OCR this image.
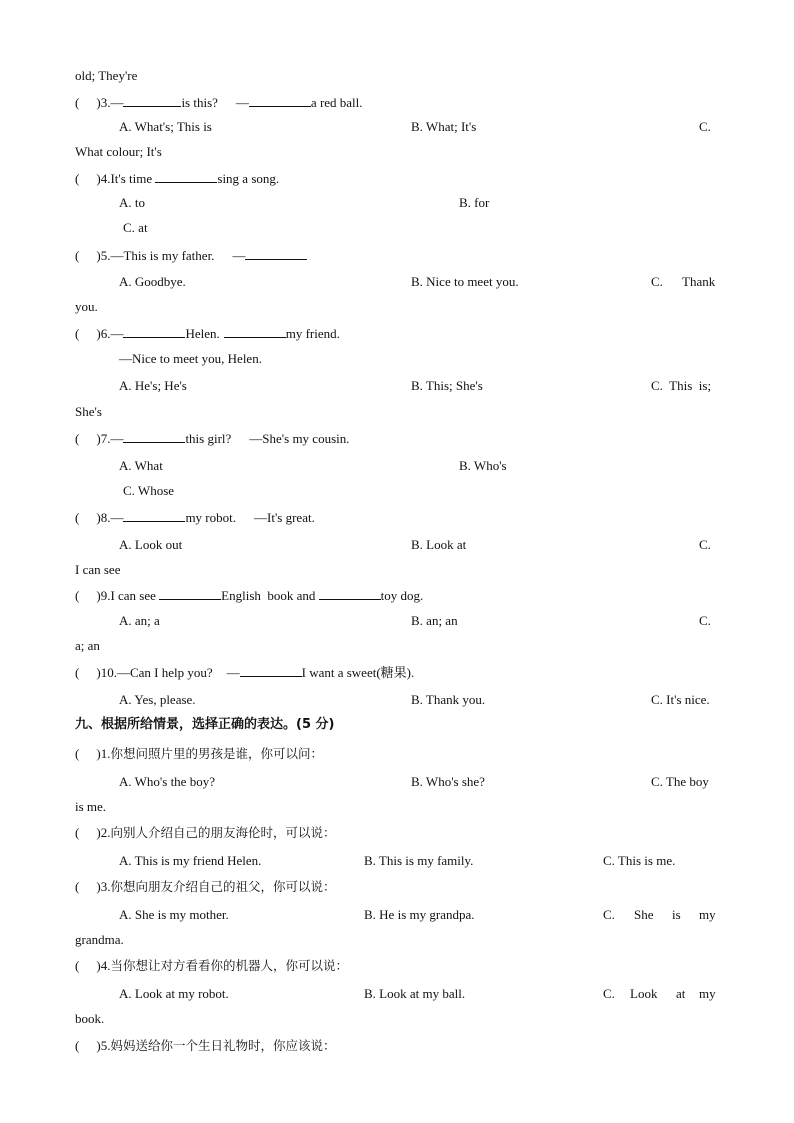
old; They're
( )3.—	is this? —	a red ball.
A. What's; This is	B. What; It's	C.
What colour; It's
( )4.It's time	sing a song.
A. to	B. for
C. at
( )5.—This is my father. —
A. Goodbye.	B. Nice to meet you.	C. Thank
you.
( )6.—	Helen.	my friend.
—Nice to meet you, Helen.
A. He's; He's	B. This; She's	C.  This  is;
She's
( )7.—	this girl? —She's my cousin.
A. What	B. Who's
C. Whose
( )8.—	my robot. —It's great.
A. Look out	B. Look at	C.
I can see
( )9.I can see	English  book and	toy dog.
A. an; a	B. an; an	C.
a; an
( )10.—Can I help you? —	I want a sweet(糖果).
A. Yes, please.	B. Thank you.	C. It's nice.
九、根据所给情景，选择正确的表达。(5 分)
( )1.你想问照片里的男孩是谁，你可以问：
A. Who's the boy?	B. Who's she?	C. The boy
is me.
( )2.向别人介绍自己的朋友海伦时，可以说：
A. This is my friend Helen.	B. This is my family.	C. This is me.
( )3.你想向朋友介绍自己的祖父，你可以说：
A. She is my mother.	B. He is my grandpa.	C. She is my
grandma.
( )4.当你想让对方看看你的机器人，你可以说：
A. Look at my robot.	B. Look at my ball.	C. Look at my
book.
( )5.妈妈送给你一个生日礼物时，你应该说：
